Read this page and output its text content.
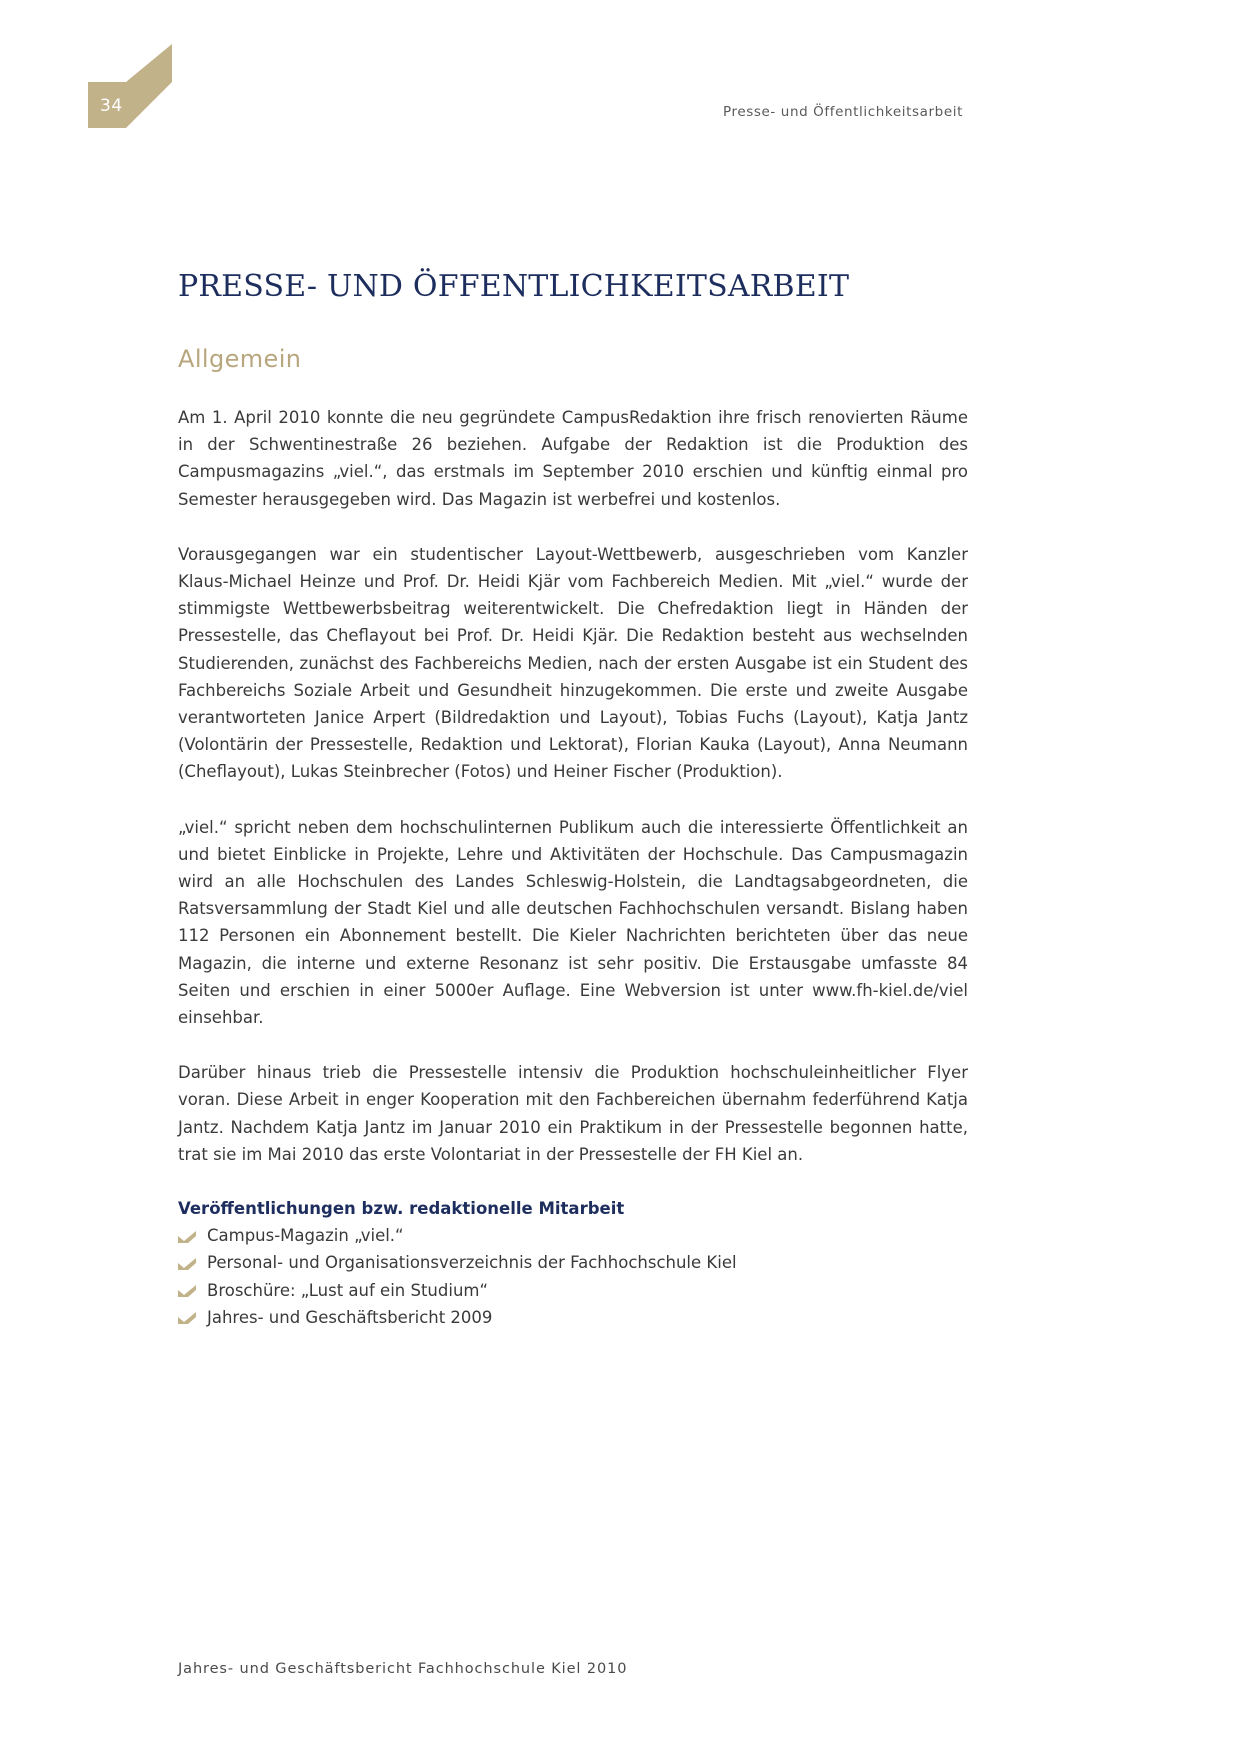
34	Presse- und Öffentlichkeitsarbeit
PRESSE- UND ÖFFENTLICHKEITSARBEIT
Allgemein

Am 1. April 2010 konnte die neu gegründete CampusRedaktion ihre frisch renovierten Räume in der Schwentinestraße 26 beziehen. Aufgabe der Redaktion ist die Produktion des Campusmagazins „viel.“, das erstmals im September 2010 erschien und künftig einmal pro Semester herausgegeben wird. Das Magazin ist werbefrei und kostenlos.

Vorausgegangen war ein studentischer Layout-Wettbewerb, ausgeschrieben vom Kanzler Klaus-Michael Heinze und Prof. Dr. Heidi Kjär vom Fachbereich Medien. Mit „viel.“ wurde der stimmigste Wettbewerbsbeitrag weiterentwickelt. Die Chefredaktion liegt in Händen der Pressestelle, das Cheflayout bei Prof. Dr. Heidi Kjär. Die Redaktion besteht aus wechselnden Studierenden, zunächst des Fachbereichs Medien, nach der ersten Ausgabe ist ein Student des Fachbereichs Soziale Arbeit und Gesundheit hinzugekommen. Die erste und zweite Ausgabe verantworteten Janice Arpert (Bildredaktion und Layout), Tobias Fuchs (Layout), Katja Jantz (Volontärin der Pressestelle, Redaktion und Lektorat), Florian Kauka (Layout), Anna Neumann (Cheflayout), Lukas Steinbrecher (Fotos) und Heiner Fischer (Produktion).

„viel.“ spricht neben dem hochschulinternen Publikum auch die interessierte Öffentlichkeit an und bietet Einblicke in Projekte, Lehre und Aktivitäten der Hochschule. Das Campusmagazin wird an alle Hochschulen des Landes Schleswig-Holstein, die Landtagsabgeordneten, die Ratsversammlung der Stadt Kiel und alle deutschen Fachhochschulen versandt. Bislang haben 112 Personen ein Abonnement bestellt. Die Kieler Nachrichten berichteten über das neue Magazin, die interne und externe Resonanz ist sehr positiv. Die Erstausgabe umfasste 84 Seiten und erschien in einer 5000er Auflage. Eine Webversion ist unter www.fh-kiel.de/viel einsehbar.

Darüber hinaus trieb die Pressestelle intensiv die Produktion hochschuleinheitlicher Flyer voran. Diese Arbeit in enger Kooperation mit den Fachbereichen übernahm federführend Katja Jantz. Nachdem Katja Jantz im Januar 2010 ein Praktikum in der Pressestelle begonnen hatte, trat sie im Mai 2010 das erste Volontariat in der Pressestelle der FH Kiel an.

Veröffentlichungen bzw. redaktionelle Mitarbeit
Campus-Magazin „viel.“
Personal- und Organisationsverzeichnis der Fachhochschule Kiel
Broschüre: „Lust auf ein Studium“
Jahres- und Geschäftsbericht 2009
Jahres- und Geschäftsbericht Fachhochschule Kiel 2010
